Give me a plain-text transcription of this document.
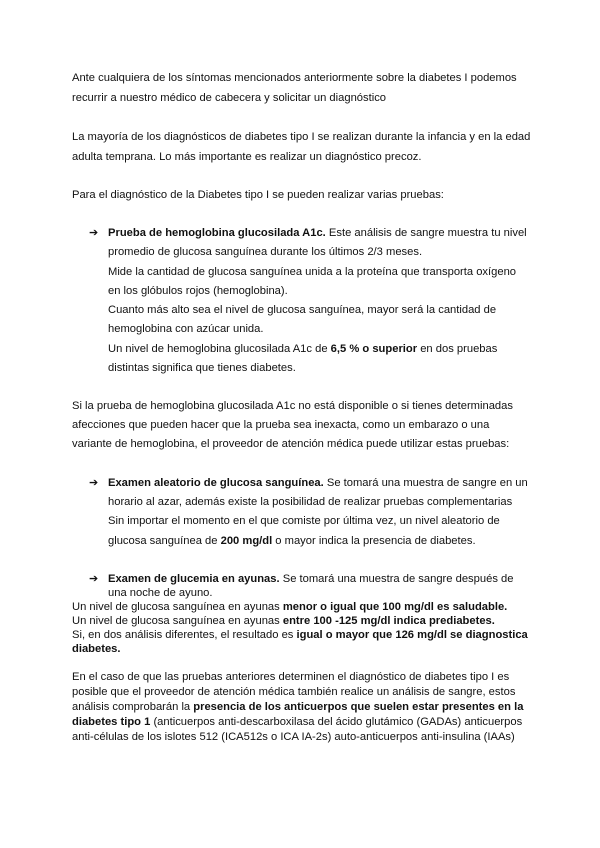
Ante cualquiera de los síntomas mencionados anteriormente sobre la diabetes I podemos
recurrir a nuestro médico de cabecera y solicitar un diagnóstico
La mayoría de los diagnósticos de diabetes tipo I se realizan durante la infancia y en la edad
adulta temprana. Lo más importante es realizar un diagnóstico precoz.
Para el diagnóstico de la Diabetes tipo I se pueden realizar varias pruebas:
➔ Prueba de hemoglobina glucosilada A1c. Este análisis de sangre muestra tu nivel
promedio de glucosa sanguínea durante los últimos 2/3 meses.
Mide la cantidad de glucosa sanguínea unida a la proteína que transporta oxígeno
en los glóbulos rojos (hemoglobina).
Cuanto más alto sea el nivel de glucosa sanguínea, mayor será la cantidad de
hemoglobina con azúcar unida.
Un nivel de hemoglobina glucosilada A1c de 6,5 % o superior en dos pruebas
distintas significa que tienes diabetes.
Si la prueba de hemoglobina glucosilada A1c no está disponible o si tienes determinadas
afecciones que pueden hacer que la prueba sea inexacta, como un embarazo o una
variante de hemoglobina, el proveedor de atención médica puede utilizar estas pruebas:
➔ Examen aleatorio de glucosa sanguínea. Se tomará una muestra de sangre en un
horario al azar, además existe la posibilidad de realizar pruebas complementarias
Sin importar el momento en el que comiste por última vez, un nivel aleatorio de
glucosa sanguínea de 200 mg/dl o mayor indica la presencia de diabetes.
➔ Examen de glucemia en ayunas. Se tomará una muestra de sangre después de
una noche de ayuno.
Un nivel de glucosa sanguínea en ayunas menor o igual que 100 mg/dl es saludable.
Un nivel de glucosa sanguínea en ayunas entre 100 -125 mg/dl indica prediabetes.
Si, en dos análisis diferentes, el resultado es igual o mayor que 126 mg/dl se diagnostica
diabetes.
En el caso de que las pruebas anteriores determinen el diagnóstico de diabetes tipo I es
posible que el proveedor de atención médica también realice un análisis de sangre, estos
análisis comprobarán la presencia de los anticuerpos que suelen estar presentes en la
diabetes tipo 1 (anticuerpos anti-descarboxilasa del ácido glutámico (GADAs) anticuerpos
anti-células de los islotes 512 (ICA512s o ICA IA-2s) auto-anticuerpos anti-insulina (IAAs)
